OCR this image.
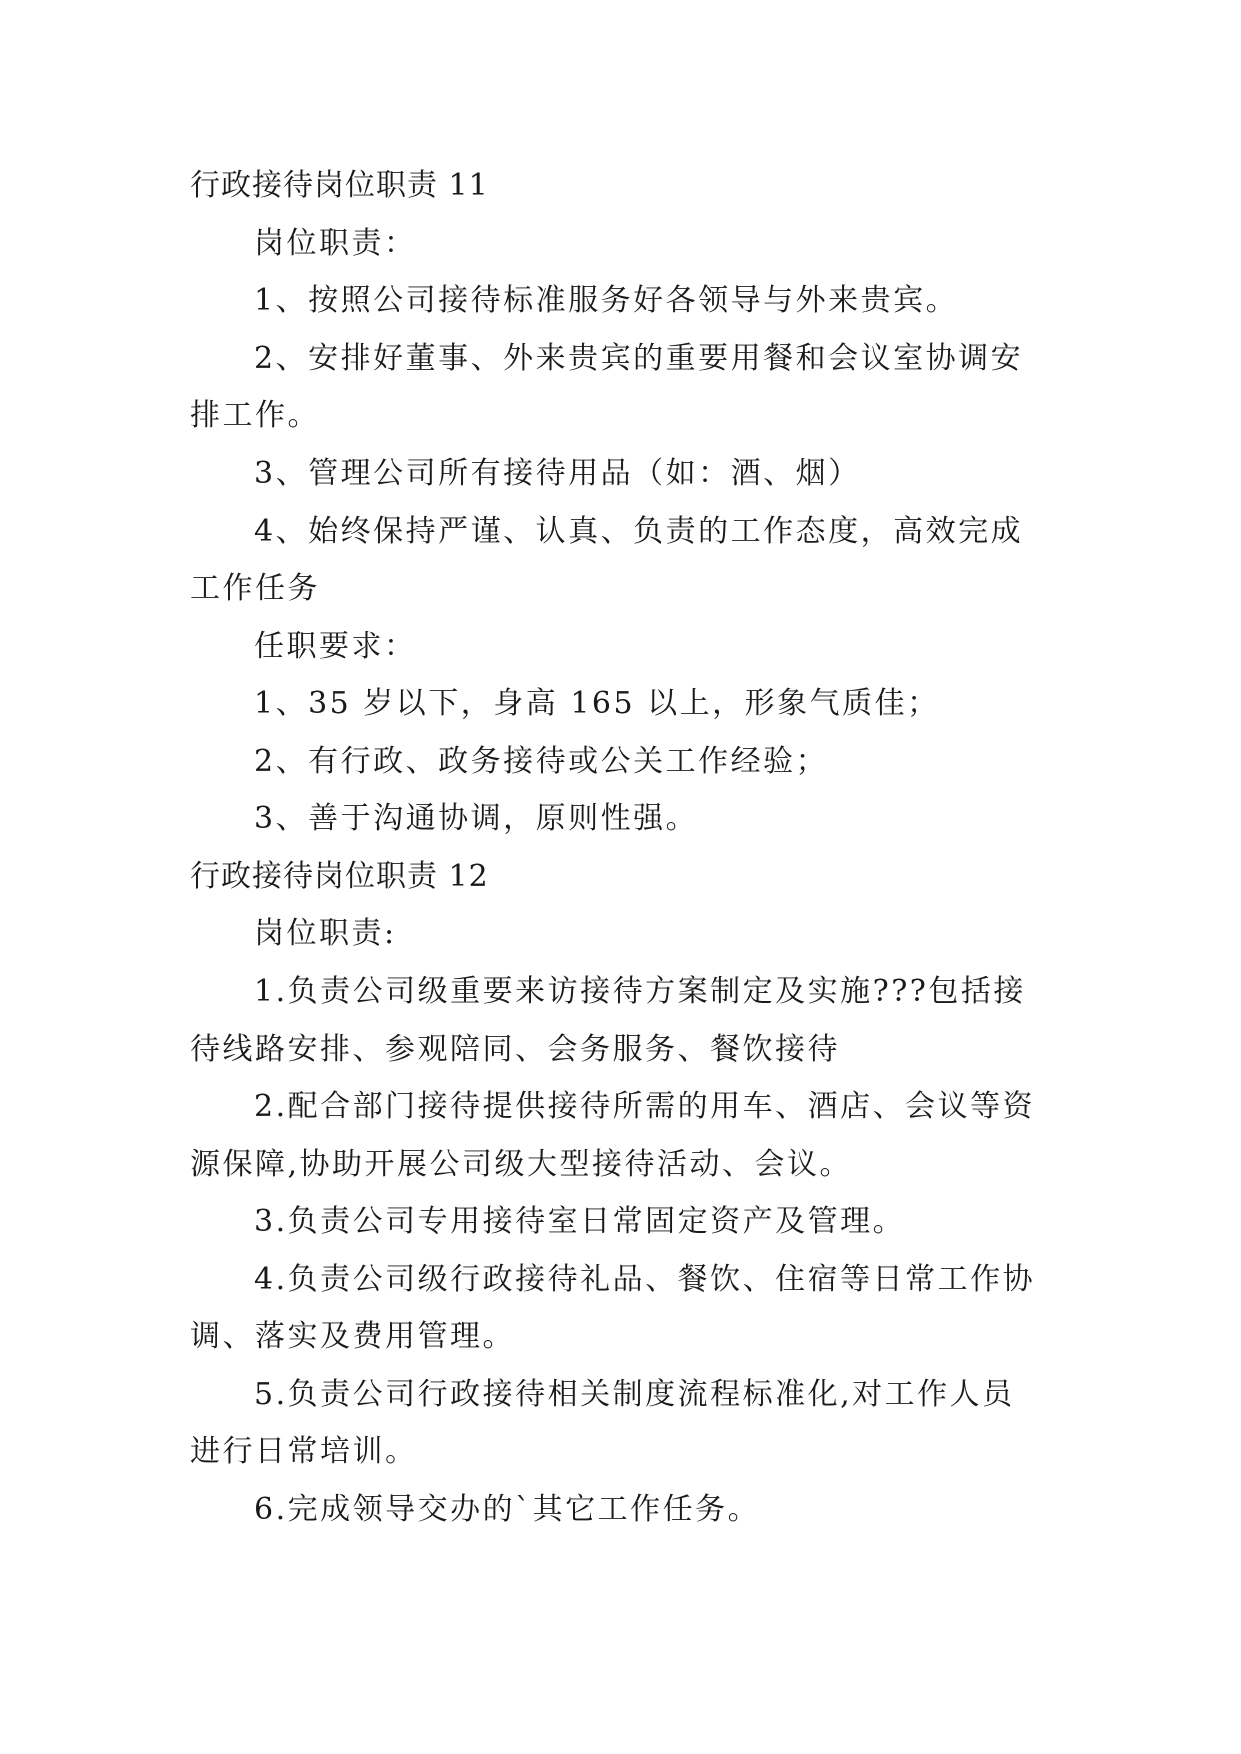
行政接待岗位职责 11
岗位职责：
1、按照公司接待标准服务好各领导与外来贵宾。
2、安排好董事、外来贵宾的重要用餐和会议室协调安
排工作。
3、管理公司所有接待用品（如：酒、烟）
4、始终保持严谨、认真、负责的工作态度，高效完成
工作任务
任职要求：
1、35 岁以下，身高 165 以上，形象气质佳；
2、有行政、政务接待或公关工作经验；
3、善于沟通协调，原则性强。
行政接待岗位职责 12
岗位职责:
1.负责公司级重要来访接待方案制定及实施???包括接
待线路安排、参观陪同、会务服务、餐饮接待
2.配合部门接待提供接待所需的用车、酒店、会议等资
源保障,协助开展公司级大型接待活动、会议。
3.负责公司专用接待室日常固定资产及管理。
4.负责公司级行政接待礼品、餐饮、住宿等日常工作协
调、落实及费用管理。
5.负责公司行政接待相关制度流程标准化,对工作人员
进行日常培训。
6.完成领导交办的`其它工作任务。
